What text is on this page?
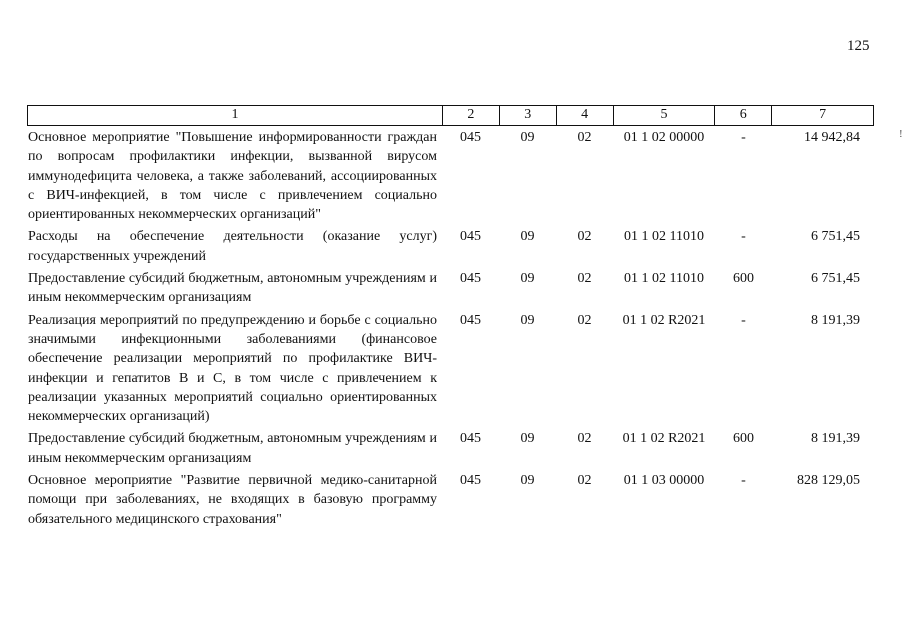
125
!
1	2	3	4	5	6	7
Основное мероприятие "Повышение информированности граждан по вопросам профилактики инфекции, вызванной вирусом иммунодефицита человека, а также заболеваний, ассоциированных с ВИЧ-инфекцией, в том числе с привлечением социально ориентированных некоммерческих организаций"
045	09	02	01 1 02 00000	-	14 942,84
Расходы на обеспечение деятельности (оказание услуг) государственных учреждений
045	09	02	01 1 02 11010	-	6 751,45
Предоставление субсидий бюджетным, автономным учреждениям и иным некоммерческим организациям
045	09	02	01 1 02 11010	600	6 751,45
Реализация мероприятий по предупреждению и борьбе с социально значимыми инфекционными заболеваниями (финансовое обеспечение реализации мероприятий по профилактике ВИЧ-инфекции и гепатитов В и С, в том числе с привлечением к реализации указанных мероприятий социально ориентированных некоммерческих организаций)
045	09	02	01 1 02 R2021	-	8 191,39
Предоставление субсидий бюджетным, автономным учреждениям и иным некоммерческим организациям
045	09	02	01 1 02 R2021	600	8 191,39
Основное мероприятие "Развитие первичной медико-санитарной помощи при заболеваниях, не входящих в базовую программу обязательного медицинского страхования"
045	09	02	01 1 03 00000	-	828 129,05
